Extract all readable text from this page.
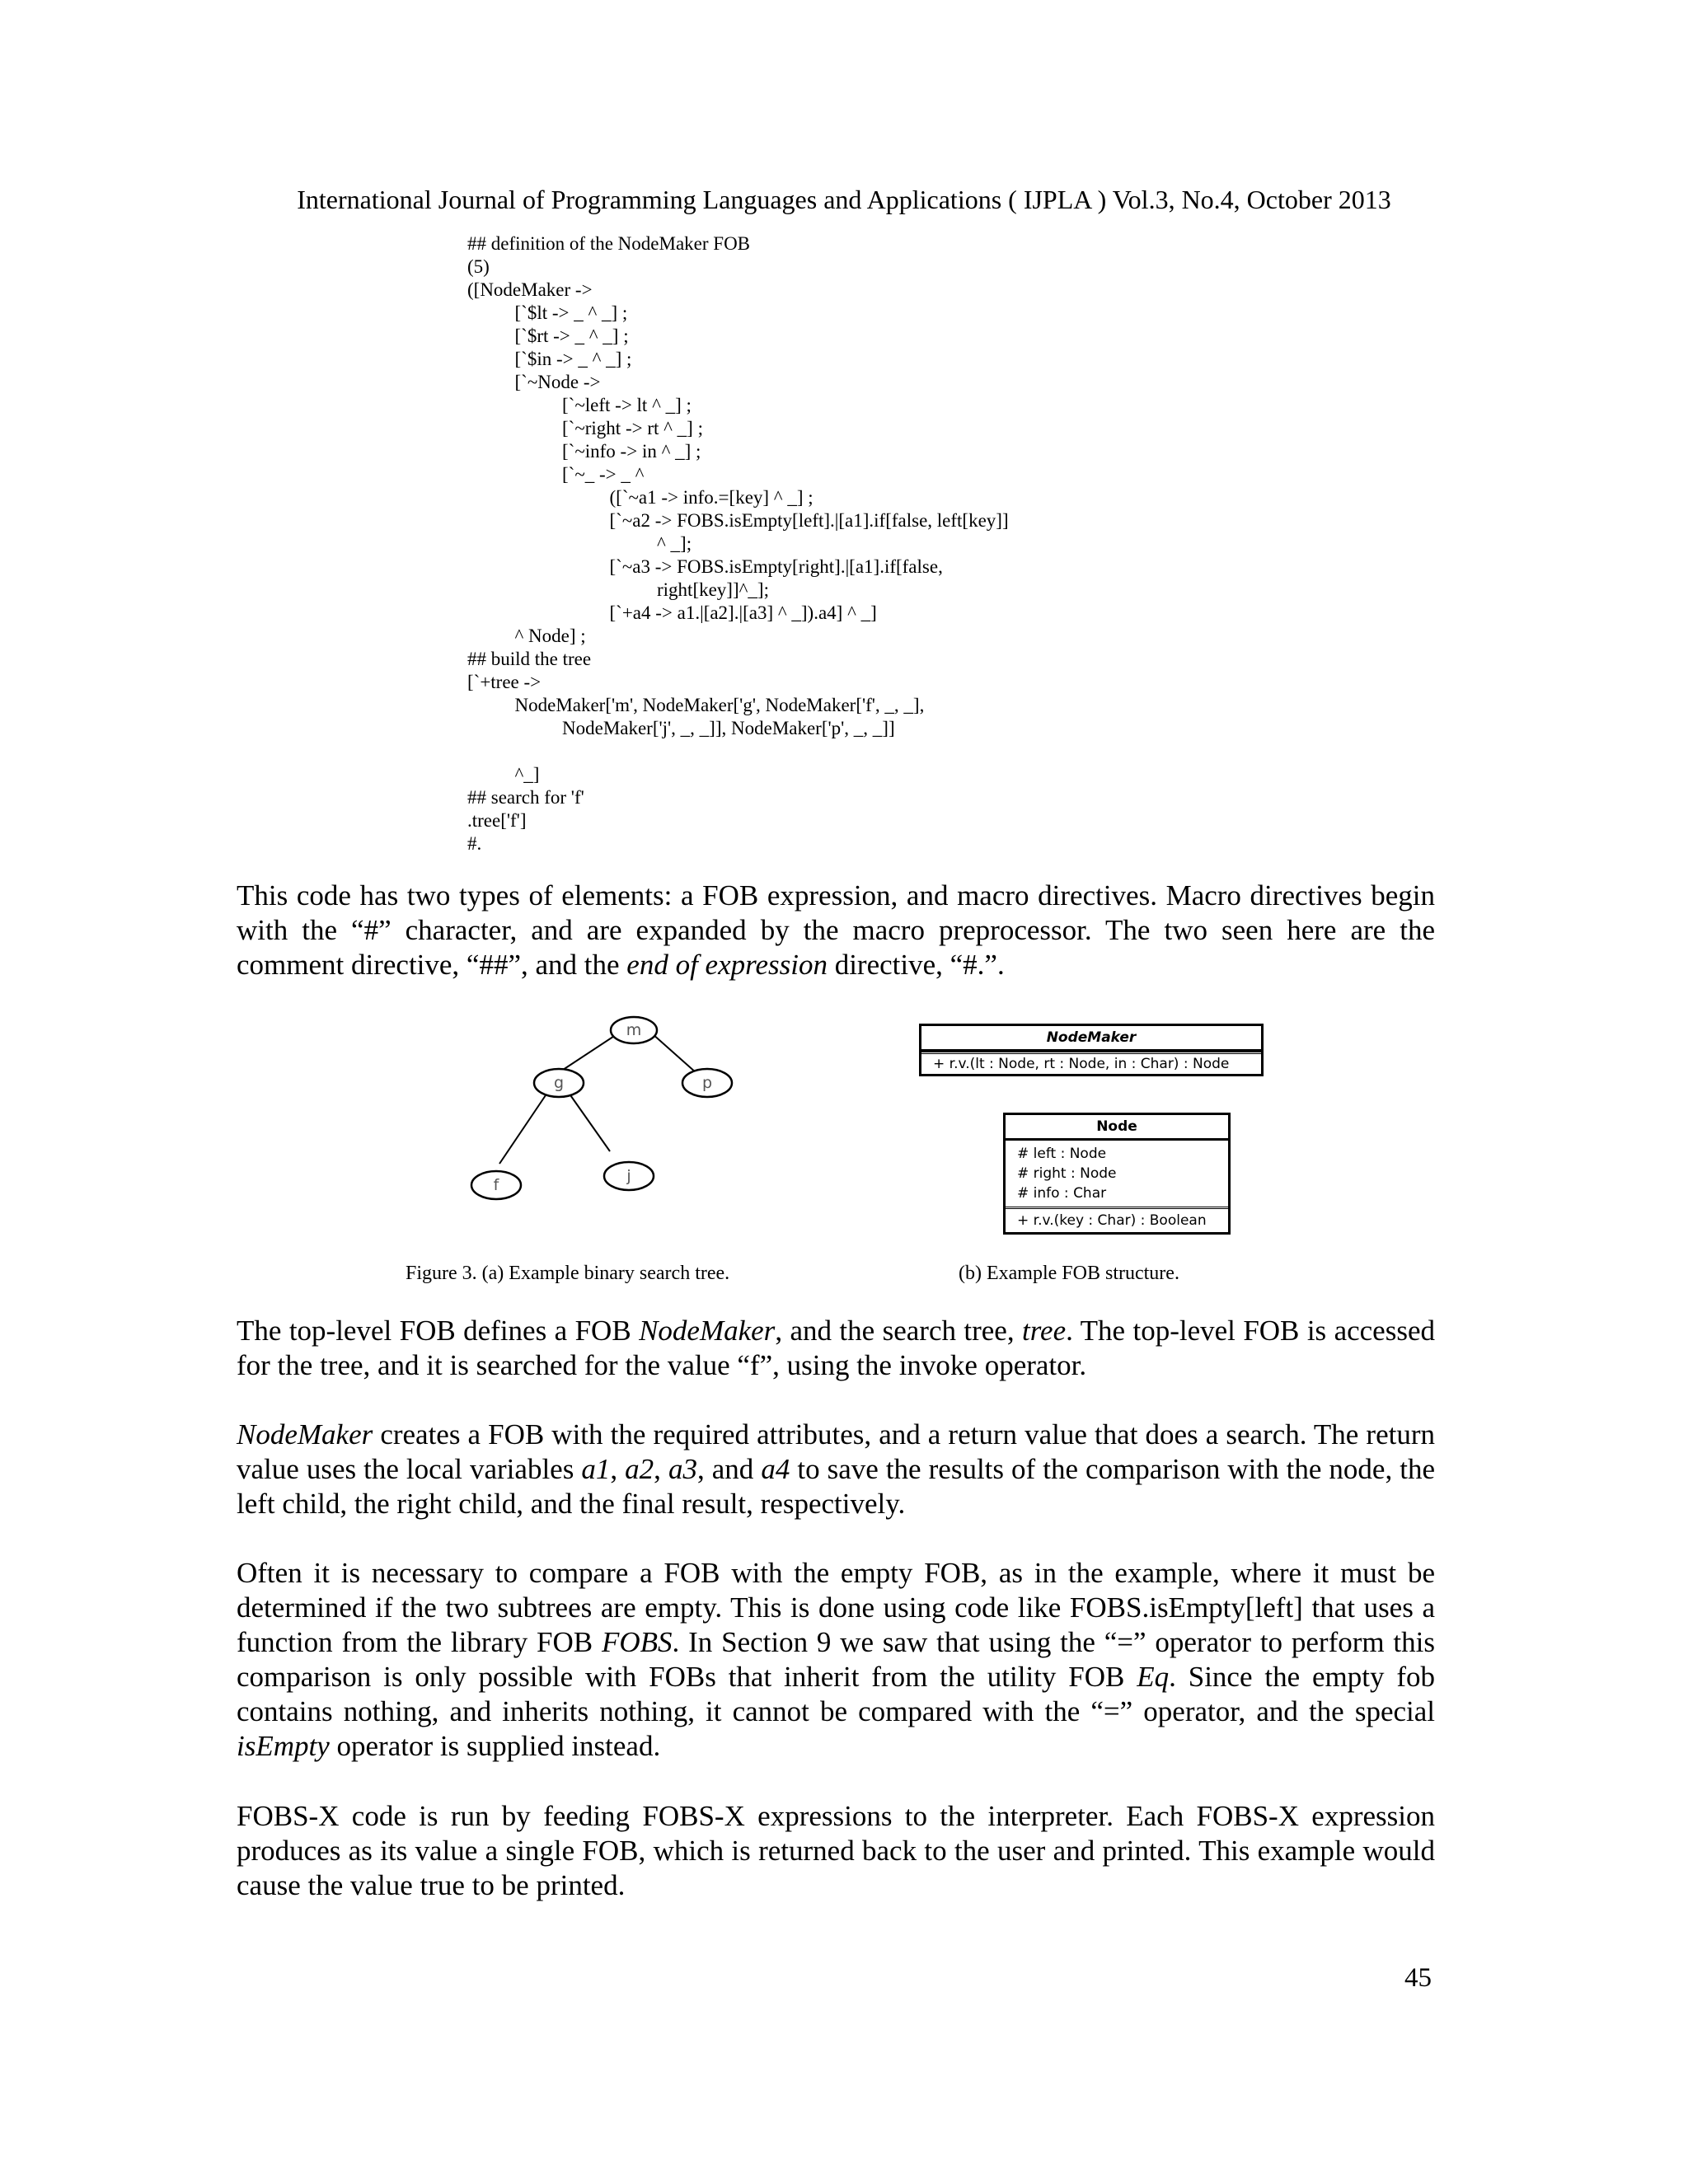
International Journal of Programming Languages and Applications ( IJPLA ) Vol.3, No.4, October 2013
## definition of the NodeMaker FOB
(5)
([NodeMaker ->
[`$lt -> _ ^ _] ;
[`$rt -> _ ^ _] ;
[`$in -> _ ^ _] ;
[`~Node ->
[`~left -> lt ^ _] ;
[`~right -> rt ^ _] ;
[`~info -> in ^ _] ;
[`~_ -> _ ^
([`~a1 -> info.=[key] ^ _] ;
[`~a2 -> FOBS.isEmpty[left].|[a1].if[false, left[key]]
^ _];
[`~a3 -> FOBS.isEmpty[right].|[a1].if[false,
right[key]]^_];
[`+a4 -> a1.|[a2].|[a3] ^ _]).a4] ^ _]
^ Node] ;
## build the tree
[`+tree ->
NodeMaker['m', NodeMaker['g', NodeMaker['f', _, _],
NodeMaker['j', _, _]], NodeMaker['p', _, _]]
^_]
## search for 'f'
.tree['f']
#.
This code has two types of elements: a FOB expression, and macro directives. Macro directives begin with the “#” character, and are expanded by the macro preprocessor. The two seen here are the comment directive, “##”, and the end of expression directive, “#.”.
m
g	p
f	j
NodeMaker
+ r.v.(lt : Node, rt : Node, in : Char) : Node
Node
# left : Node
# right : Node
# info : Char
+ r.v.(key : Char) : Boolean
Figure 3. (a) Example binary search tree.	(b) Example FOB structure.
The top-level FOB defines a FOB NodeMaker, and the search tree, tree. The top-level FOB is accessed for the tree, and it is searched for the value “f”, using the invoke operator.
NodeMaker creates a FOB with the required attributes, and a return value that does a search. The return value uses the local variables a1, a2, a3, and a4 to save the results of the comparison with the node, the left child, the right child, and the final result, respectively.
Often it is necessary to compare a FOB with the empty FOB, as in the example, where it must be determined if the two subtrees are empty. This is done using code like FOBS.isEmpty[left] that uses a function from the library FOB FOBS. In Section 9 we saw that using the “=” operator to perform this comparison is only possible with FOBs that inherit from the utility FOB Eq. Since the empty fob contains nothing, and inherits nothing, it cannot be compared with the “=” operator, and the special isEmpty operator is supplied instead.
FOBS-X code is run by feeding FOBS-X expressions to the interpreter. Each FOBS-X expression produces as its value a single FOB, which is returned back to the user and printed. This example would cause the value true to be printed.
45
